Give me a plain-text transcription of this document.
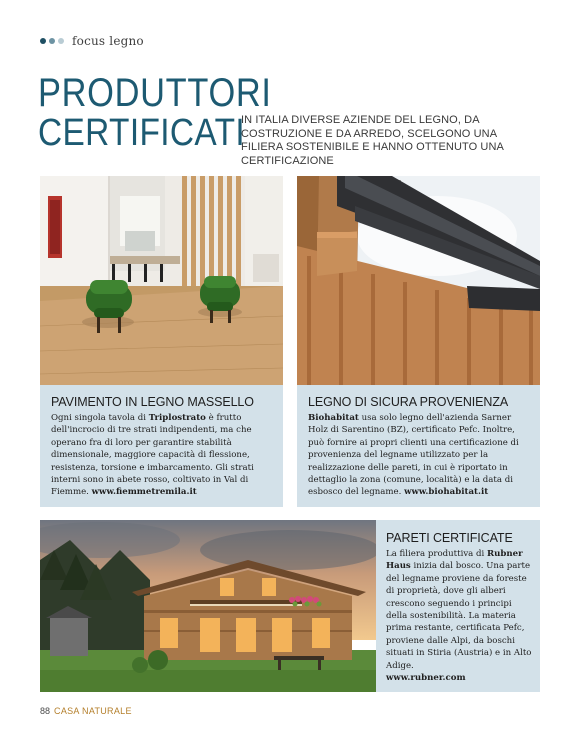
focus legno
PRODUTTORI
CERTIFICATI
IN ITALIA DIVERSE AZIENDE DEL LEGNO, DA COSTRUZIONE E DA ARREDO, SCELGONO UNA FILIERA SOSTENIBILE E HANNO OTTENUTO UNA CERTIFICAZIONE
PAVIMENTO IN LEGNO MASSELLO
Ogni singola tavola di Triplostrato è frutto dell'incrocio di tre strati indipendenti, ma che operano fra di loro per garantire stabilità dimensionale, maggiore capacità di flessione, resistenza, torsione e imbarcamento. Gli strati interni sono in abete rosso, coltivato in Val di Fiemme. www.fiemmetremila.it
LEGNO DI SICURA PROVENIENZA
Biohabitat usa solo legno dell'azienda Sarner Holz di Sarentino (BZ), certificato Pefc. Inoltre, può fornire ai propri clienti una certificazione di provenienza del legname utilizzato per la realizzazione delle pareti, in cui è riportato in dettaglio la zona (comune, località) e la data di esbosco del legname. www.biohabitat.it
PARETI CERTIFICATE
La filiera produttiva di Rubner Haus inizia dal bosco. Una parte del legname proviene da foreste di proprietà, dove gli alberi crescono seguendo i principi della sostenibilità. La materia prima restante, certificata Pefc, proviene dalle Alpi, da boschi situati in Stiria (Austria) e in Alto Adige.
www.rubner.com
88 CASA NATURALE
